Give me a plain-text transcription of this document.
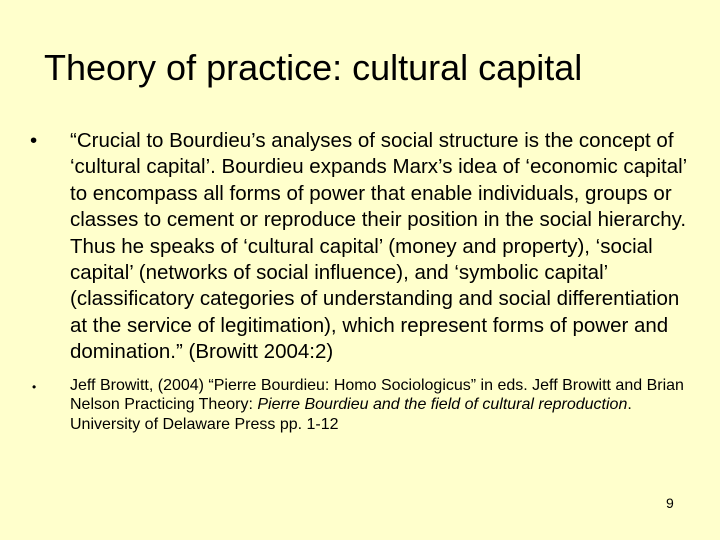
Theory of practice: cultural capital
• “Crucial to Bourdieu’s analyses of social structure is the concept of ‘cultural capital’. Bourdieu expands Marx’s idea of ‘economic capital’ to encompass all forms of power that enable individuals, groups or classes to cement or reproduce their position in the social hierarchy. Thus he speaks of ‘cultural capital’ (money and property), ‘social capital’ (networks of social influence), and ‘symbolic capital’ (classificatory categories of understanding and social differentiation at the service of legitimation), which represent forms of power and domination.” (Browitt 2004:2)
• Jeff Browitt, (2004) “Pierre Bourdieu: Homo Sociologicus” in eds. Jeff Browitt and Brian Nelson Practicing Theory: Pierre Bourdieu and the field of cultural reproduction. University of Delaware Press pp. 1-12
9
